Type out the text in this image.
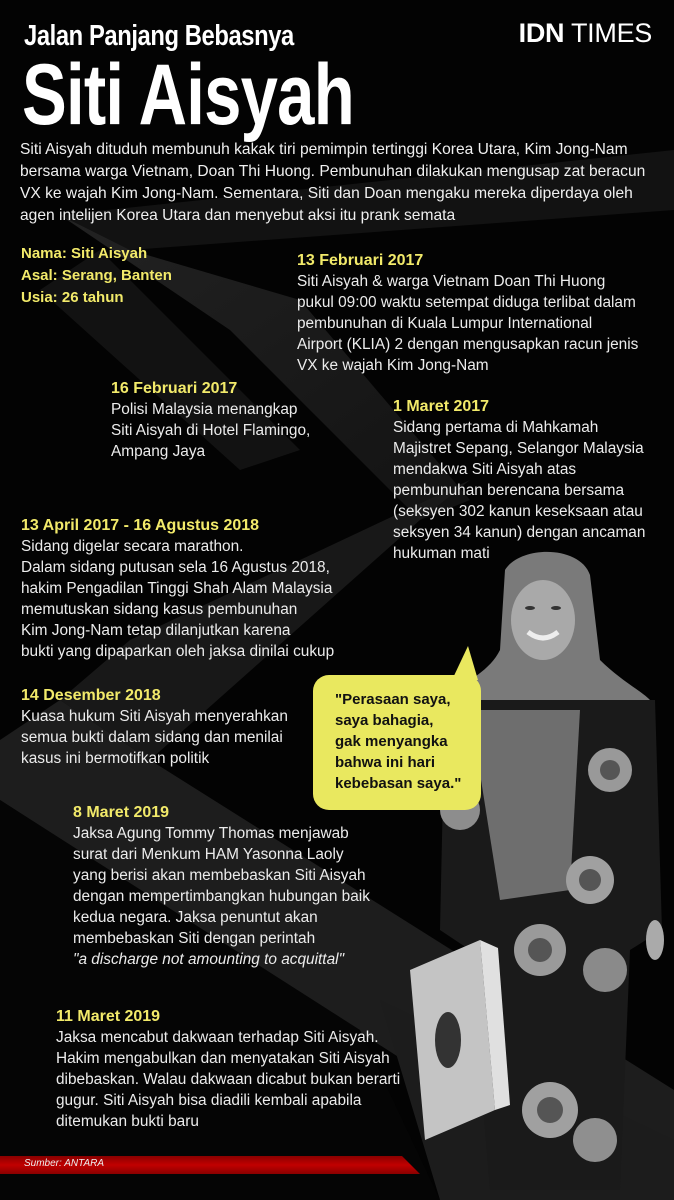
Jalan Panjang Bebasnya
Siti Aisyah
IDN TIMES
Siti Aisyah dituduh membunuh kakak tiri pemimpin tertinggi Korea Utara, Kim Jong-Nam
bersama warga Vietnam, Doan Thi Huong. Pembunuhan dilakukan mengusap zat beracun
VX ke wajah Kim Jong-Nam. Sementara, Siti dan Doan mengaku mereka diperdaya oleh
agen intelijen Korea Utara dan menyebut aksi itu prank semata
Nama: Siti Aisyah
Asal: Serang, Banten
Usia: 26 tahun
13 Februari 2017
Siti Aisyah & warga Vietnam Doan Thi Huong
pukul 09:00 waktu setempat diduga terlibat dalam
pembunuhan di Kuala Lumpur International
Airport (KLIA) 2 dengan mengusapkan racun jenis
VX ke wajah Kim Jong-Nam
16 Februari 2017
Polisi Malaysia menangkap
Siti Aisyah di Hotel Flamingo,
Ampang Jaya
1 Maret 2017
Sidang pertama di Mahkamah
Majistret Sepang, Selangor Malaysia
mendakwa Siti Aisyah atas
pembunuhan berencana bersama
(seksyen 302 kanun keseksaan atau
seksyen 34 kanun) dengan ancaman
hukuman mati
13 April 2017 - 16 Agustus 2018
Sidang digelar secara marathon.
Dalam sidang putusan sela 16 Agustus 2018,
hakim Pengadilan Tinggi Shah Alam Malaysia
memutuskan sidang kasus pembunuhan
Kim Jong-Nam tetap dilanjutkan karena
bukti yang dipaparkan oleh jaksa dinilai cukup
14 Desember 2018
Kuasa hukum Siti Aisyah menyerahkan
semua bukti dalam sidang dan menilai
kasus ini bermotifkan politik
"Perasaan saya,
saya bahagia,
gak menyangka
bahwa ini hari
kebebasan saya."
8 Maret 2019
Jaksa Agung Tommy Thomas menjawab
surat dari Menkum HAM Yasonna Laoly
yang berisi akan membebaskan Siti Aisyah
dengan mempertimbangkan hubungan baik
kedua negara. Jaksa penuntut akan
membebaskan Siti dengan perintah
"a discharge not amounting to acquittal"
11 Maret 2019
Jaksa mencabut dakwaan terhadap Siti Aisyah.
Hakim mengabulkan dan menyatakan Siti Aisyah
dibebaskan. Walau dakwaan dicabut bukan berarti
gugur. Siti Aisyah bisa diadili kembali apabila
ditemukan bukti baru
Sumber: ANTARA
